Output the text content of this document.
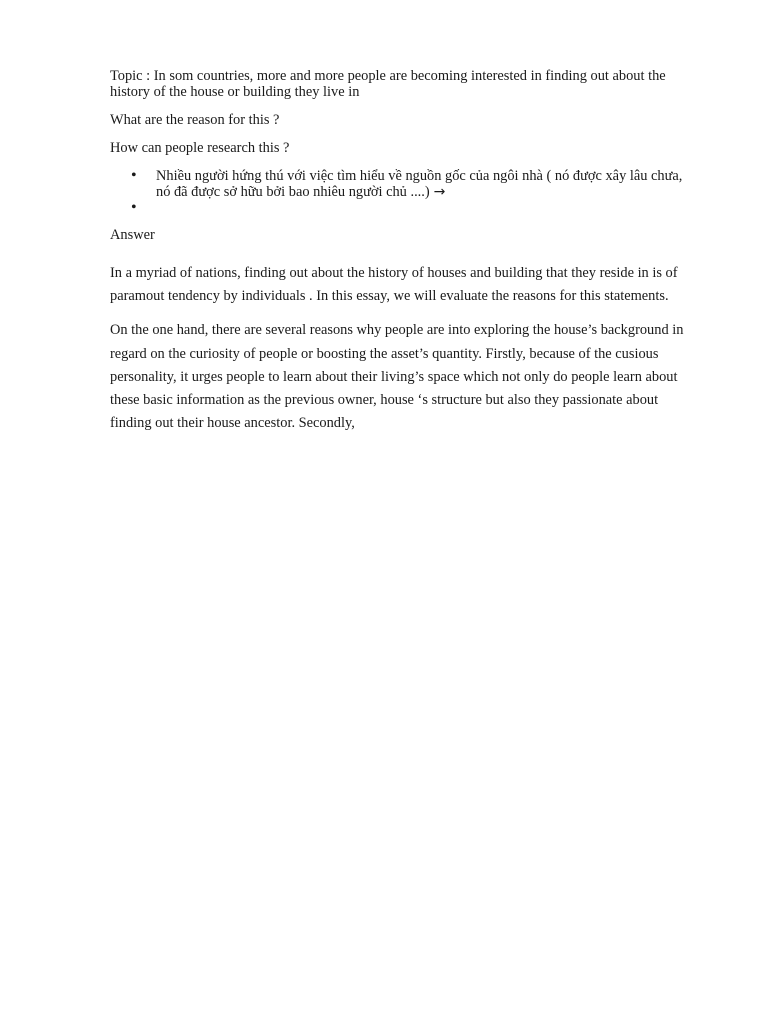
Topic : In som countries, more and more people are becoming interested in finding out about the history of the house or building they live in

What are the reason for this ?

How can people research this ?

• Nhiều người hứng thú với việc tìm hiểu về nguồn gốc của ngôi nhà ( nó được xây lâu chưa, nó đã được sở hữu bởi bao nhiêu người chủ ....) →
•

Answer

In a myriad of nations, finding out about the history of houses and building that they reside in is of paramout tendency by individuals . In this essay, we will evaluate the reasons for this statements.

On the one hand, there are several reasons why people are into exploring the house’s background in regard on the curiosity of people or boosting the asset’s quantity. Firstly, because of the cusious personality, it urges people to learn about their living’s space which not only do people learn about these basic information as the previous owner, house ‘s structure but also they passionate about finding out their house ancestor. Secondly,
